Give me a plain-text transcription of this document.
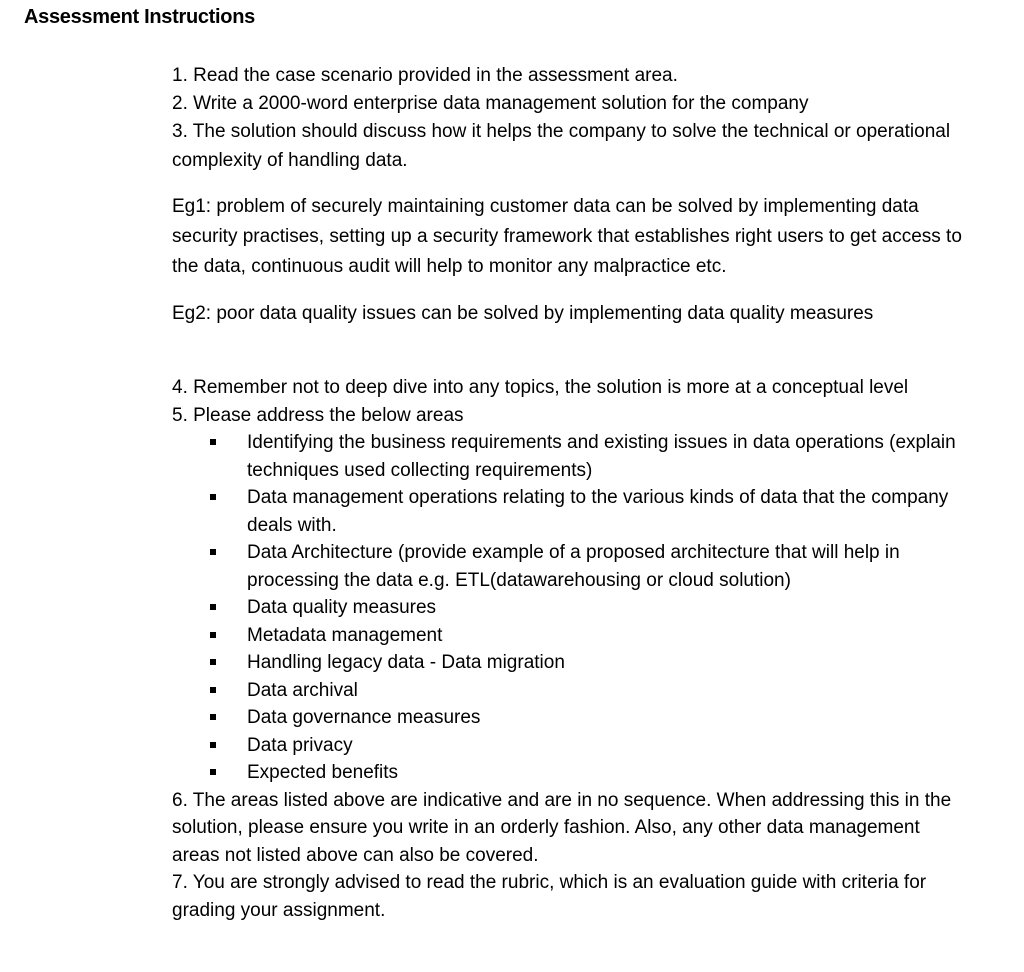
Assessment Instructions

1. Read the case scenario provided in the assessment area.

2. Write a 2000-word enterprise data management solution for the company

3. The solution should discuss how it helps the company to solve the technical or operational complexity of handling data.

Eg1: problem of securely maintaining customer data can be solved by implementing data security practises, setting up a security framework that establishes right users to get access to the data, continuous audit will help to monitor any malpractice etc.

Eg2: poor data quality issues can be solved by implementing data quality measures

4. Remember not to deep dive into any topics, the solution is more at a conceptual level

5. Please address the below areas

Identifying the business requirements and existing issues in data operations (explain techniques used collecting requirements)
Data management operations relating to the various kinds of data that the company deals with.
Data Architecture (provide example of a proposed architecture that will help in processing the data e.g. ETL(datawarehousing or cloud solution)
Data quality measures
Metadata management
Handling legacy data - Data migration
Data archival
Data governance measures
Data privacy
Expected benefits

6. The areas listed above are indicative and are in no sequence. When addressing this in the solution, please ensure you write in an orderly fashion. Also, any other data management areas not listed above can also be covered.

7. You are strongly advised to read the rubric, which is an evaluation guide with criteria for grading your assignment.
